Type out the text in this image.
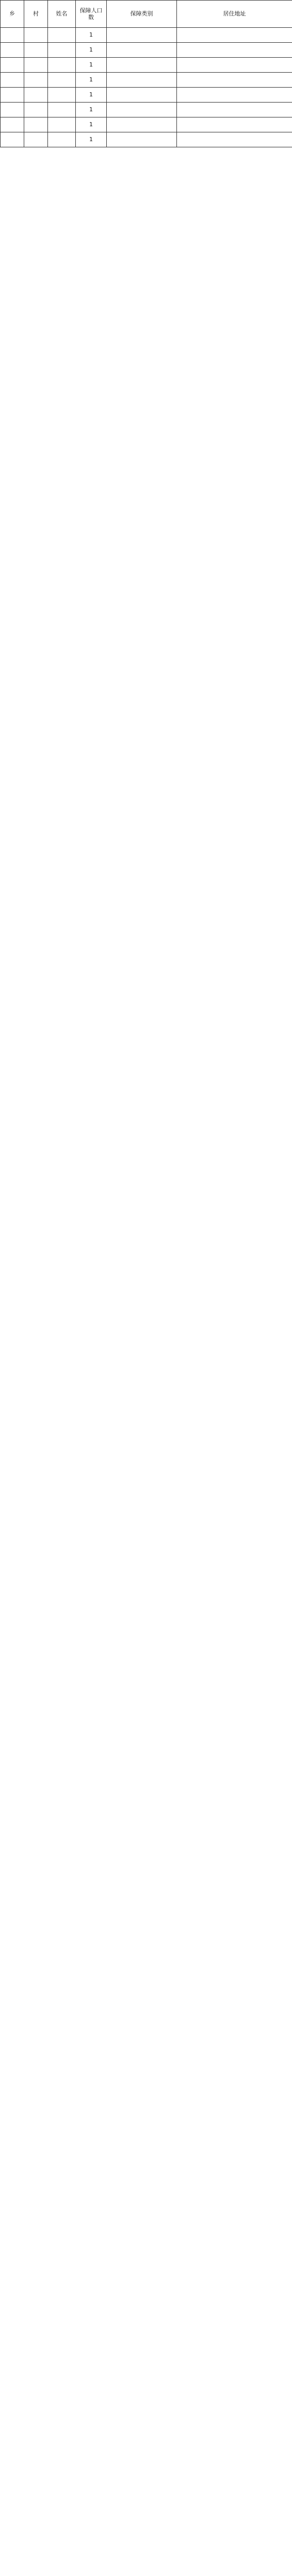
乡	村	姓名	保障人口数	保障类别	居住地址
			1		
			1		
			1		
			1		
			1		
			1		
			1		
			1		
